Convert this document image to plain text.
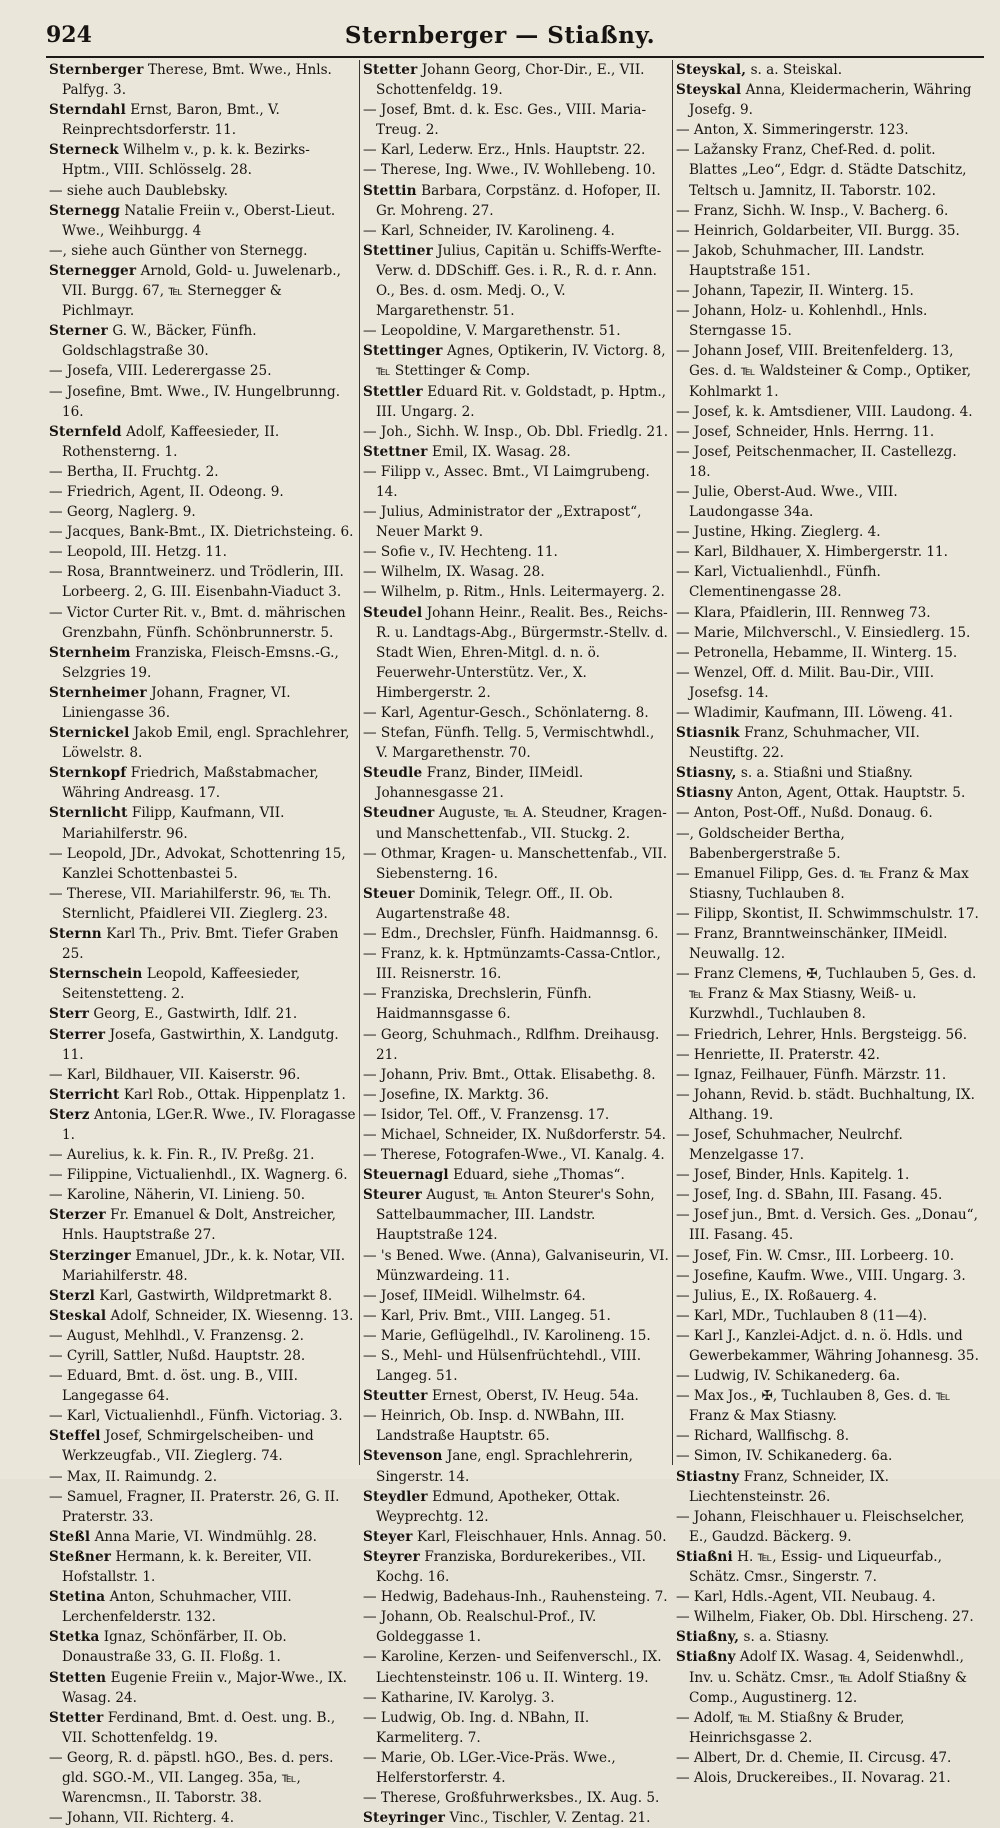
924	Sternberger — Stiaßny.

Sternberger Therese, Bmt. Wwe., Hnls. Palfyg. 3.

Sterndahl Ernst, Baron, Bmt., V. Reinprechtsdorferstr. 11.

Sterneck Wilhelm v., p. k. k. Bezirks-Hptm., VIII. Schlösselg. 28.

— siehe auch Daublebsky.

Sternegg Natalie Freiin v., Oberst-Lieut. Wwe., Weihburgg. 4

—, siehe auch Günther von Sternegg.

Sternegger Arnold, Gold- u. Juwelenarb., VII. Burgg. 67, ℡ Sternegger & Pichlmayr.

Sterner G. W., Bäcker, Fünfh. Goldschlagstraße 30.

— Josefa, VIII. Lederergasse 25.

— Josefine, Bmt. Wwe., IV. Hungelbrunng. 16.

Sternfeld Adolf, Kaffeesieder, II. Rothensterng. 1.

— Bertha, II. Fruchtg. 2.

— Friedrich, Agent, II. Odeong. 9.

— Georg, Naglerg. 9.

— Jacques, Bank-Bmt., IX. Dietrichsteing. 6.

— Leopold, III. Hetzg. 11.

— Rosa, Branntweinerz. und Trödlerin, III. Lorbeerg. 2, G. III. Eisenbahn-Viaduct 3.

— Victor Curter Rit. v., Bmt. d. mährischen Grenzbahn, Fünfh. Schönbrunnerstr. 5.

Sternheim Franziska, Fleisch-Emsns.-G., Selzgries 19.

Sternheimer Johann, Fragner, VI. Liniengasse 36.

Sternickel Jakob Emil, engl. Sprachlehrer, Löwelstr. 8.

Sternkopf Friedrich, Maßstabmacher, Währing Andreasg. 17.

Sternlicht Filipp, Kaufmann, VII. Mariahilferstr. 96.

— Leopold, JDr., Advokat, Schottenring 15, Kanzlei Schottenbastei 5.

— Therese, VII. Mariahilferstr. 96, ℡ Th. Sternlicht, Pfaidlerei VII. Zieglerg. 23.

Sternn Karl Th., Priv. Bmt. Tiefer Graben 25.

Sternschein Leopold, Kaffeesieder, Seitenstetteng. 2.

Sterr Georg, E., Gastwirth, Idlf. 21.

Sterrer Josefa, Gastwirthin, X. Landgutg. 11.

— Karl, Bildhauer, VII. Kaiserstr. 96.

Sterricht Karl Rob., Ottak. Hippenplatz 1.

Sterz Antonia, LGer.R. Wwe., IV. Floragasse 1.

— Aurelius, k. k. Fin. R., IV. Preßg. 21.

— Filippine, Victualienhdl., IX. Wagnerg. 6.

— Karoline, Näherin, VI. Linieng. 50.

Sterzer Fr. Emanuel & Dolt, Anstreicher, Hnls. Hauptstraße 27.

Sterzinger Emanuel, JDr., k. k. Notar, VII. Mariahilferstr. 48.

Sterzl Karl, Gastwirth, Wildpretmarkt 8.

Steskal Adolf, Schneider, IX. Wiesenng. 13.

— August, Mehlhdl., V. Franzensg. 2.

— Cyrill, Sattler, Nußd. Hauptstr. 28.

— Eduard, Bmt. d. öst. ung. B., VIII. Langegasse 64.

— Karl, Victualienhdl., Fünfh. Victoriag. 3.

Steffel Josef, Schmirgelscheiben- und Werkzeugfab., VII. Zieglerg. 74.

— Max, II. Raimundg. 2.

— Samuel, Fragner, II. Praterstr. 26, G. II. Praterstr. 33.

Steßl Anna Marie, VI. Windmühlg. 28.

Steßner Hermann, k. k. Bereiter, VII. Hofstallstr. 1.

Stetina Anton, Schuhmacher, VIII. Lerchenfelderstr. 132.

Stetka Ignaz, Schönfärber, II. Ob. Donaustraße 33, G. II. Floßg. 1.

Stetten Eugenie Freiin v., Major-Wwe., IX. Wasag. 24.

Stetter Ferdinand, Bmt. d. Oest. ung. B., VII. Schottenfeldg. 19.

— Georg, R. d. päpstl. hGO., Bes. d. pers. gld. SGO.-M., VII. Langeg. 35a, ℡, Warencmsn., II. Taborstr. 38.

— Johann, VII. Richterg. 4.

Stetter Johann Georg, Chor-Dir., E., VII. Schottenfeldg. 19.

— Josef, Bmt. d. k. Esc. Ges., VIII. Maria-Treug. 2.

— Karl, Lederw. Erz., Hnls. Hauptstr. 22.

— Therese, Ing. Wwe., IV. Wohllebeng. 10.

Stettin Barbara, Corpstänz. d. Hofoper, II. Gr. Mohreng. 27.

— Karl, Schneider, IV. Karolineng. 4.

Stettiner Julius, Capitän u. Schiffs-Werfte-Verw. d. DDSchiff. Ges. i. R., R. d. r. Ann. O., Bes. d. osm. Medj. O., V. Margarethenstr. 51.

— Leopoldine, V. Margarethenstr. 51.

Stettinger Agnes, Optikerin, IV. Victorg. 8, ℡ Stettinger & Comp.

Stettler Eduard Rit. v. Goldstadt, p. Hptm., III. Ungarg. 2.

— Joh., Sichh. W. Insp., Ob. Dbl. Friedlg. 21.

Stettner Emil, IX. Wasag. 28.

— Filipp v., Assec. Bmt., VI Laimgrubeng. 14.

— Julius, Administrator der „Extrapost“, Neuer Markt 9.

— Sofie v., IV. Hechteng. 11.

— Wilhelm, IX. Wasag. 28.

— Wilhelm, p. Ritm., Hnls. Leitermayerg. 2.

Steudel Johann Heinr., Realit. Bes., Reichs-R. u. Landtags-Abg., Bürgermstr.-Stellv. d. Stadt Wien, Ehren-Mitgl. d. n. ö. Feuerwehr-Unterstütz. Ver., X. Himbergerstr. 2.

— Karl, Agentur-Gesch., Schönlaterng. 8.

— Stefan, Fünfh. Tellg. 5, Vermischtwhdl., V. Margarethenstr. 70.

Steudle Franz, Binder, IIMeidl. Johannesgasse 21.

Steudner Auguste, ℡ A. Steudner, Kragen- und Manschettenfab., VII. Stuckg. 2.

— Othmar, Kragen- u. Manschettenfab., VII. Siebensterng. 16.

Steuer Dominik, Telegr. Off., II. Ob. Augartenstraße 48.

— Edm., Drechsler, Fünfh. Haidmannsg. 6.

— Franz, k. k. Hptmünzamts-Cassa-Cntlor., III. Reisnerstr. 16.

— Franziska, Drechslerin, Fünfh. Haidmannsgasse 6.

— Georg, Schuhmach., Rdlfhm. Dreihausg. 21.

— Johann, Priv. Bmt., Ottak. Elisabethg. 8.

— Josefine, IX. Marktg. 36.

— Isidor, Tel. Off., V. Franzensg. 17.

— Michael, Schneider, IX. Nußdorferstr. 54.

— Therese, Fotografen-Wwe., VI. Kanalg. 4.

Steuernagl Eduard, siehe „Thomas“.

Steurer August, ℡ Anton Steurer's Sohn, Sattelbaummacher, III. Landstr. Hauptstraße 124.

— 's Bened. Wwe. (Anna), Galvaniseurin, VI. Münzwardeing. 11.

— Josef, IIMeidl. Wilhelmstr. 64.

— Karl, Priv. Bmt., VIII. Langeg. 51.

— Marie, Geflügelhdl., IV. Karolineng. 15.

— S., Mehl- und Hülsenfrüchtehdl., VIII. Langeg. 51.

Steutter Ernest, Oberst, IV. Heug. 54a.

— Heinrich, Ob. Insp. d. NWBahn, III. Landstraße Hauptstr. 65.

Stevenson Jane, engl. Sprachlehrerin, Singerstr. 14.

Steydler Edmund, Apotheker, Ottak. Weyprechtg. 12.

Steyer Karl, Fleischhauer, Hnls. Annag. 50.

Steyrer Franziska, Bordurekeribes., VII. Kochg. 16.

— Hedwig, Badehaus-Inh., Rauhensteing. 7.

— Johann, Ob. Realschul-Prof., IV. Goldeggasse 1.

— Karoline, Kerzen- und Seifenverschl., IX. Liechtensteinstr. 106 u. II. Winterg. 19.

— Katharine, IV. Karolyg. 3.

— Ludwig, Ob. Ing. d. NBahn, II. Karmeliterg. 7.

— Marie, Ob. LGer.-Vice-Präs. Wwe., Helferstorferstr. 4.

— Therese, Großfuhrwerksbes., IX. Aug. 5.

Steyringer Vinc., Tischler, V. Zentag. 21.

Steyskal, s. a. Steiskal.

Steyskal Anna, Kleidermacherin, Währing Josefg. 9.

— Anton, X. Simmeringerstr. 123.

— Lažansky Franz, Chef-Red. d. polit. Blattes „Leo“, Edgr. d. Städte Datschitz, Teltsch u. Jamnitz, II. Taborstr. 102.

— Franz, Sichh. W. Insp., V. Bacherg. 6.

— Heinrich, Goldarbeiter, VII. Burgg. 35.

— Jakob, Schuhmacher, III. Landstr. Hauptstraße 151.

— Johann, Tapezir, II. Winterg. 15.

— Johann, Holz- u. Kohlenhdl., Hnls. Sterngasse 15.

— Johann Josef, VIII. Breitenfelderg. 13, Ges. d. ℡ Waldsteiner & Comp., Optiker, Kohlmarkt 1.

— Josef, k. k. Amtsdiener, VIII. Laudong. 4.

— Josef, Schneider, Hnls. Herrng. 11.

— Josef, Peitschenmacher, II. Castellezg. 18.

— Julie, Oberst-Aud. Wwe., VIII. Laudongasse 34a.

— Justine, Hking. Zieglerg. 4.

— Karl, Bildhauer, X. Himbergerstr. 11.

— Karl, Victualienhdl., Fünfh. Clementinengasse 28.

— Klara, Pfaidlerin, III. Rennweg 73.

— Marie, Milchverschl., V. Einsiedlerg. 15.

— Petronella, Hebamme, II. Winterg. 15.

— Wenzel, Off. d. Milit. Bau-Dir., VIII. Josefsg. 14.

— Wladimir, Kaufmann, III. Löweng. 41.

Stiasnik Franz, Schuhmacher, VII. Neustiftg. 22.

Stiasny, s. a. Stiaßni und Stiaßny.

Stiasny Anton, Agent, Ottak. Hauptstr. 5.

— Anton, Post-Off., Nußd. Donaug. 6.

—, Goldscheider Bertha, Babenbergerstraße 5.

— Emanuel Filipp, Ges. d. ℡ Franz & Max Stiasny, Tuchlauben 8.

— Filipp, Skontist, II. Schwimmschulstr. 17.

— Franz, Branntweinschänker, IIMeidl. Neuwallg. 12.

— Franz Clemens, ✠, Tuchlauben 5, Ges. d. ℡ Franz & Max Stiasny, Weiß- u. Kurzwhdl., Tuchlauben 8.

— Friedrich, Lehrer, Hnls. Bergsteigg. 56.

— Henriette, II. Praterstr. 42.

— Ignaz, Feilhauer, Fünfh. Märzstr. 11.

— Johann, Revid. b. städt. Buchhaltung, IX. Althang. 19.

— Josef, Schuhmacher, Neulrchf. Menzelgasse 17.

— Josef, Binder, Hnls. Kapitelg. 1.

— Josef, Ing. d. SBahn, III. Fasang. 45.

— Josef jun., Bmt. d. Versich. Ges. „Donau“, III. Fasang. 45.

— Josef, Fin. W. Cmsr., III. Lorbeerg. 10.

— Josefine, Kaufm. Wwe., VIII. Ungarg. 3.

— Julius, E., IX. Roßauerg. 4.

— Karl, MDr., Tuchlauben 8 (11—4).

— Karl J., Kanzlei-Adjct. d. n. ö. Hdls. und Gewerbekammer, Währing Johannesg. 35.

— Ludwig, IV. Schikanederg. 6a.

— Max Jos., ✠, Tuchlauben 8, Ges. d. ℡ Franz & Max Stiasny.

— Richard, Wallfischg. 8.

— Simon, IV. Schikanederg. 6a.

Stiastny Franz, Schneider, IX. Liechtensteinstr. 26.

— Johann, Fleischhauer u. Fleischselcher, E., Gaudzd. Bäckerg. 9.

Stiaßni H. ℡, Essig- und Liqueurfab., Schätz. Cmsr., Singerstr. 7.

— Karl, Hdls.-Agent, VII. Neubaug. 4.

— Wilhelm, Fiaker, Ob. Dbl. Hirscheng. 27.

Stiaßny, s. a. Stiasny.

Stiaßny Adolf IX. Wasag. 4, Seidenwhdl., Inv. u. Schätz. Cmsr., ℡ Adolf Stiaßny & Comp., Augustinerg. 12.

— Adolf, ℡ M. Stiaßny & Bruder, Heinrichsgasse 2.

— Albert, Dr. d. Chemie, II. Circusg. 47.

— Alois, Druckereibes., II. Novarag. 21.
